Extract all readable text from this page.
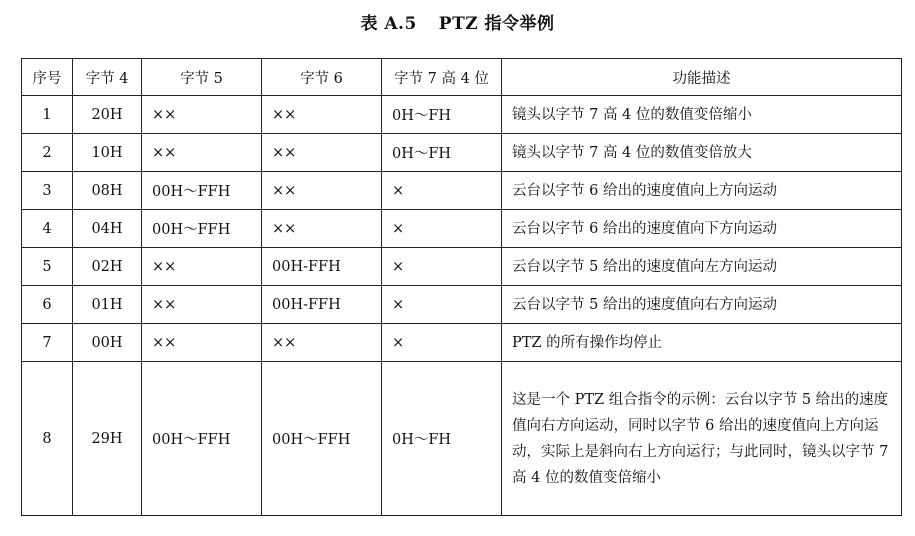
表 A.5 PTZ 指令举例
序号	字节 4	字节 5	字节 6	字节 7 高 4 位	功能描述
1	20H	××	××	0H～FH	镜头以字节 7 高 4 位的数值变倍缩小
2	10H	××	××	0H～FH	镜头以字节 7 高 4 位的数值变倍放大
3	08H	00H～FFH	××	×	云台以字节 6 给出的速度值向上方向运动
4	04H	00H～FFH	××	×	云台以字节 6 给出的速度值向下方向运动
5	02H	××	00H-FFH	×	云台以字节 5 给出的速度值向左方向运动
6	01H	××	00H-FFH	×	云台以字节 5 给出的速度值向右方向运动
7	00H	××	××	×	PTZ 的所有操作均停止
8	29H	00H～FFH	00H～FFH	0H～FH	这是一个 PTZ 组合指令的示例：云台以字节 5 给出的速度值向右方向运动，同时以字节 6 给出的速度值向上方向运动，实际上是斜向右上方向运行；与此同时，镜头以字节 7 高 4 位的数值变倍缩小
